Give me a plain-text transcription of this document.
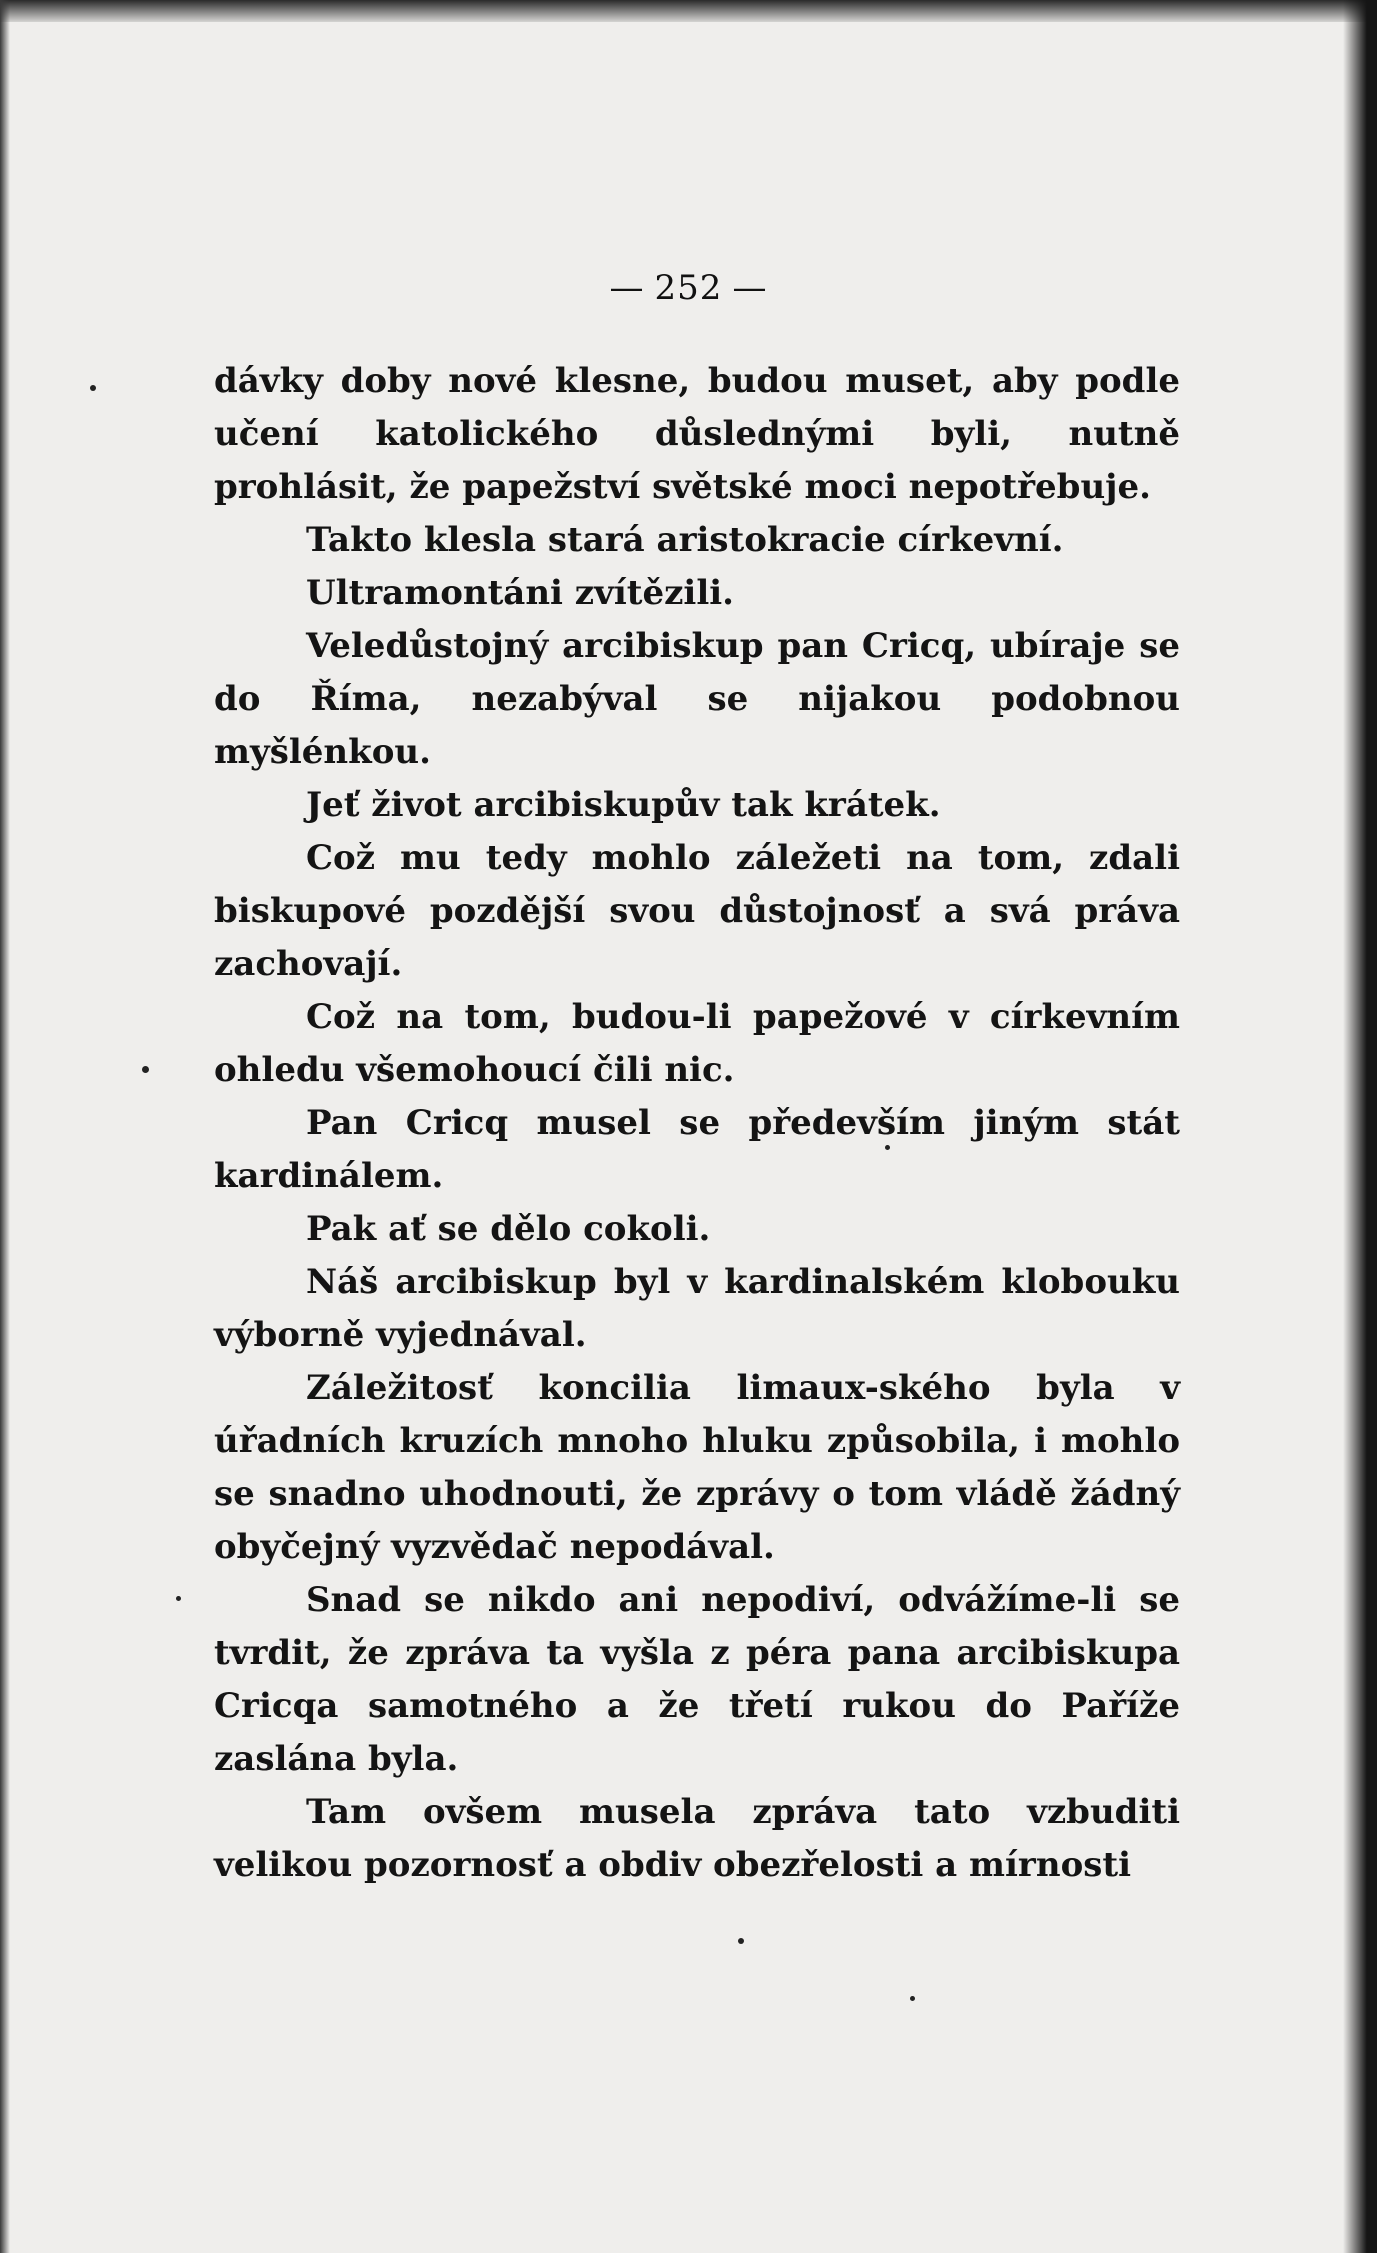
— 252 —

dávky doby nové klesne, budou muset, aby podle učení katolického důslednými byli, nutně prohlásit, že papežství světské moci nepotřebuje.

Takto klesla stará aristokracie církevní.

Ultramontáni zvítězili.

Veledůstojný arcibiskup pan Cricq, ubíraje se do Říma, nezabýval se nijakou podobnou myšlénkou.

Jeť život arcibiskupův tak krátek.

Což mu tedy mohlo záležeti na tom, zdali biskupové pozdější svou důstojnosť a svá práva zachovají.

Což na tom, budou-li papežové v církevním ohledu všemohoucí čili nic.

Pan Cricq musel se především jiným stát kardinálem.

Pak ať se dělo cokoli.

Náš arcibiskup byl v kardinalském klobouku výborně vyjednával.

Záležitosť koncilia limaux-ského byla v úřadních kruzích mnoho hluku způsobila, i mohlo se snadno uhodnouti, že zprávy o tom vládě žádný obyčejný vyzvědač nepodával.

Snad se nikdo ani nepodiví, odvážíme-li se tvrdit, že zpráva ta vyšla z péra pana arcibiskupa Cricqa samotného a že třetí rukou do Paříže zaslána byla.

Tam ovšem musela zpráva tato vzbuditi velikou pozornosť a obdiv obezřelosti a mírnosti
